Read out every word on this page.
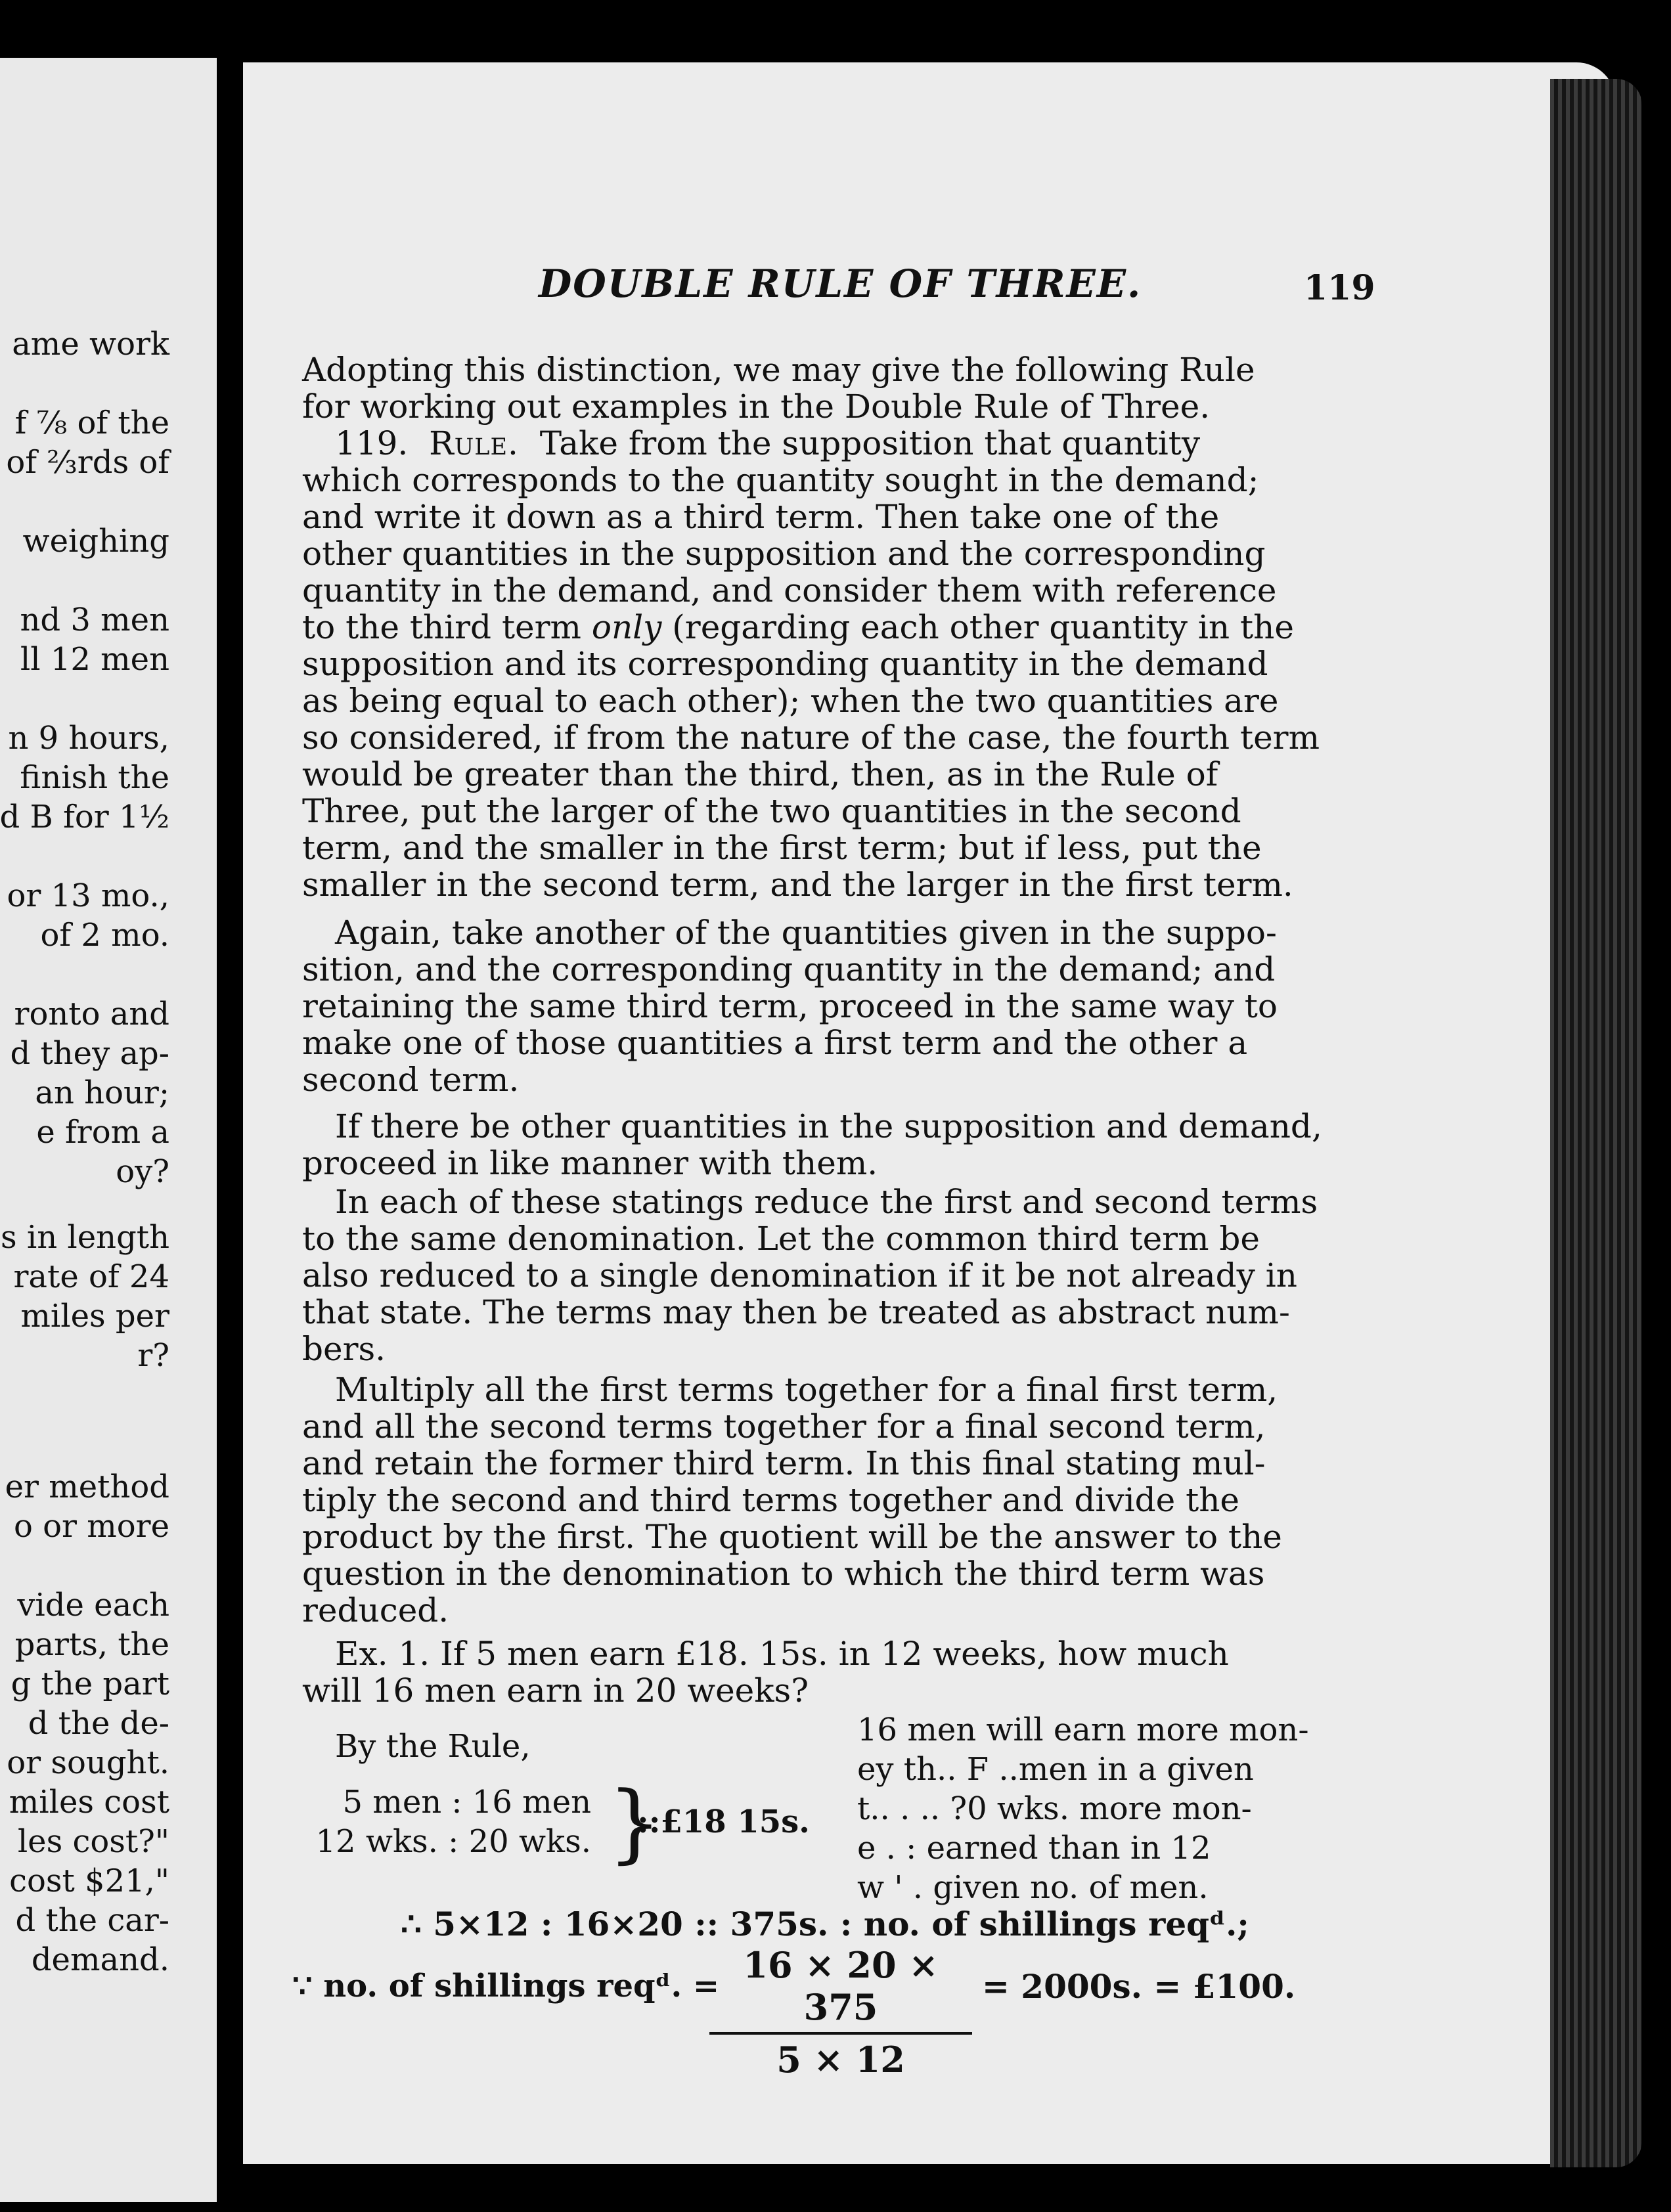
ame work
f ⅞ of the
of ⅔rds of
weighing
nd 3 men
ll 12 men
n 9 hours,
finish the
d B for 1½
or 13 mo.,
of 2 mo.
ronto and
d they ap-
an hour;
e from a
oy?
s in length
rate of 24
miles per
r?
er method
o or more
vide each
parts, the
g the part
d the de-
or sought.
miles cost
les cost?"
cost $21,"
d the car-
demand.
DOUBLE RULE OF THREE.	119
Adopting this distinction, we may give the following Rule
for working out examples in the Double Rule of Three.
119. Rule. Take from the supposition that quantity
which corresponds to the quantity sought in the demand;
and write it down as a third term. Then take one of the
other quantities in the supposition and the corresponding
quantity in the demand, and consider them with reference
to the third term only (regarding each other quantity in the
supposition and its corresponding quantity in the demand
as being equal to each other); when the two quantities are
so considered, if from the nature of the case, the fourth term
would be greater than the third, then, as in the Rule of
Three, put the larger of the two quantities in the second
term, and the smaller in the first term; but if less, put the
smaller in the second term, and the larger in the first term.
Again, take another of the quantities given in the suppo-
sition, and the corresponding quantity in the demand; and
retaining the same third term, proceed in the same way to
make one of those quantities a first term and the other a
second term.
If there be other quantities in the supposition and demand,
proceed in like manner with them.
In each of these statings reduce the first and second terms
to the same denomination. Let the common third term be
also reduced to a single denomination if it be not already in
that state. The terms may then be treated as abstract num-
bers.
Multiply all the first terms together for a final first term,
and all the second terms together for a final second term,
and retain the former third term. In this final stating mul-
tiply the second and third terms together and divide the
product by the first. The quotient will be the answer to the
question in the denomination to which the third term was
reduced.
Ex. 1. If 5 men earn £18. 15s. in 12 weeks, how much
will 16 men earn in 20 weeks?
By the Rule,
5 men : 16 men
12 wks. : 20 wks. }
::£18 15s.
16 men will earn more mon-
ey th.. F ..men in a given
t.. . .. ?0 wks. more mon-
e . : earned than in 12
w ' . given no. of men.
∴ 5×12 : 16×20 :: 375s. : no. of shillings reqᵈ.;
∵ no. of shillings reqᵈ. = 16 × 20 × 375
5 × 12
= 2000s. = £100.
